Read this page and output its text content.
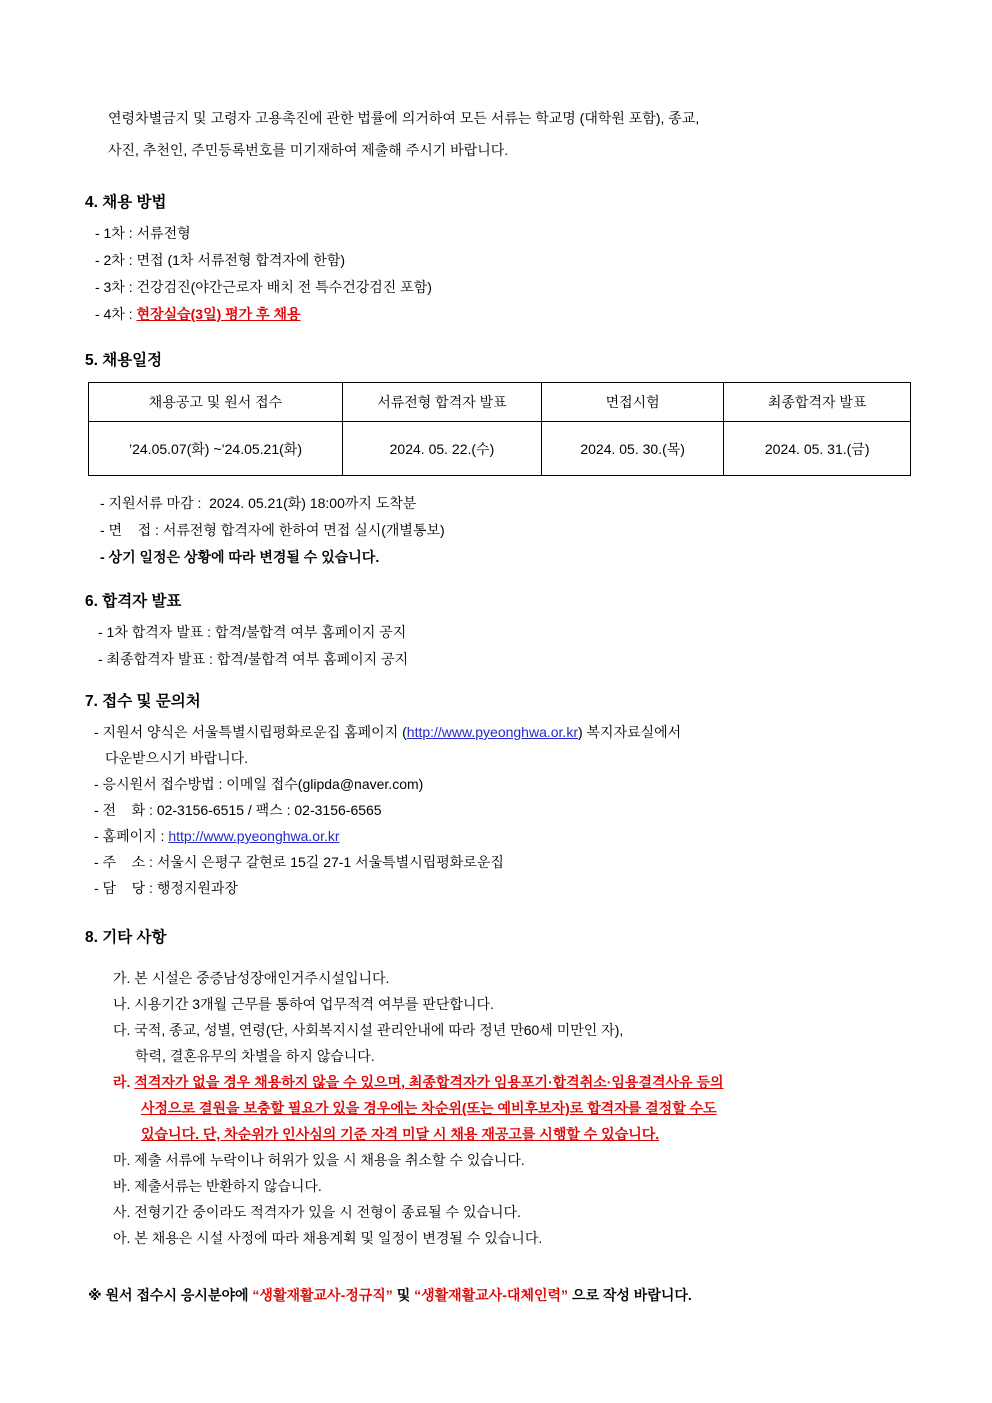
연령차별금지 및 고령자 고용촉진에 관한 법률에 의거하여 모든 서류는 학교명 (대학원 포함), 종교,
사진, 추천인, 주민등록번호를 미기재하여 제출해 주시기 바랍니다.
4. 채용 방법
- 1차 : 서류전형
- 2차 : 면접 (1차 서류전형 합격자에 한함)
- 3차 : 건강검진(야간근로자 배치 전 특수건강검진 포함)
- 4차 : 현장실습(3일) 평가 후 채용
5. 채용일정
채용공고 및 원서 접수	서류전형 합격자 발표	면접시험	최종합격자 발표
’24.05.07(화) ~’24.05.21(화)	2024. 05. 22.(수)	2024. 05. 30.(목)	2024. 05. 31.(금)
- 지원서류 마감 :  2024. 05.21(화) 18:00까지 도착분
- 면    접 : 서류전형 합격자에 한하여 면접 실시(개별통보)
- 상기 일정은 상황에 따라 변경될 수 있습니다.
6. 합격자 발표
- 1차 합격자 발표 : 합격/불합격 여부 홈페이지 공지
- 최종합격자 발표 : 합격/불합격 여부 홈페이지 공지
7. 접수 및 문의처
- 지원서 양식은 서울특별시립평화로운집 홈페이지 (http://www.pyeonghwa.or.kr) 복지자료실에서
다운받으시기 바랍니다.
- 응시원서 접수방법 : 이메일 접수(glipda@naver.com)
- 전    화 : 02-3156-6515 / 팩스 : 02-3156-6565
- 홈페이지 : http://www.pyeonghwa.or.kr
- 주    소 : 서울시 은평구 갈현로 15길 27-1 서울특별시립평화로운집
- 담    당 : 행정지원과장
8. 기타 사항
가. 본 시설은 중증남성장애인거주시설입니다.
나. 시용기간 3개월 근무를 통하여 업무적격 여부를 판단합니다.
다. 국적, 종교, 성별, 연령(단, 사회복지시설 관리안내에 따라 정년 만60세 미만인 자),
학력, 결혼유무의 차별을 하지 않습니다.
라. 적격자가 없을 경우 채용하지 않을 수 있으며, 최종합격자가 임용포기·합격취소·임용결격사유 등의
사정으로 결원을 보충할 필요가 있을 경우에는 차순위(또는 예비후보자)로 합격자를 결정할 수도
있습니다. 단, 차순위가 인사심의 기준 자격 미달 시 채용 재공고를 시행할 수 있습니다.
마. 제출 서류에 누락이나 허위가 있을 시 채용을 취소할 수 있습니다.
바. 제출서류는 반환하지 않습니다.
사. 전형기간 중이라도 적격자가 있을 시 전형이 종료될 수 있습니다.
아. 본 채용은 시설 사정에 따라 채용계획 및 일정이 변경될 수 있습니다.
※ 원서 접수시 응시분야에 “생활재활교사-정규직” 및 “생활재활교사-대체인력” 으로 작성 바랍니다.
